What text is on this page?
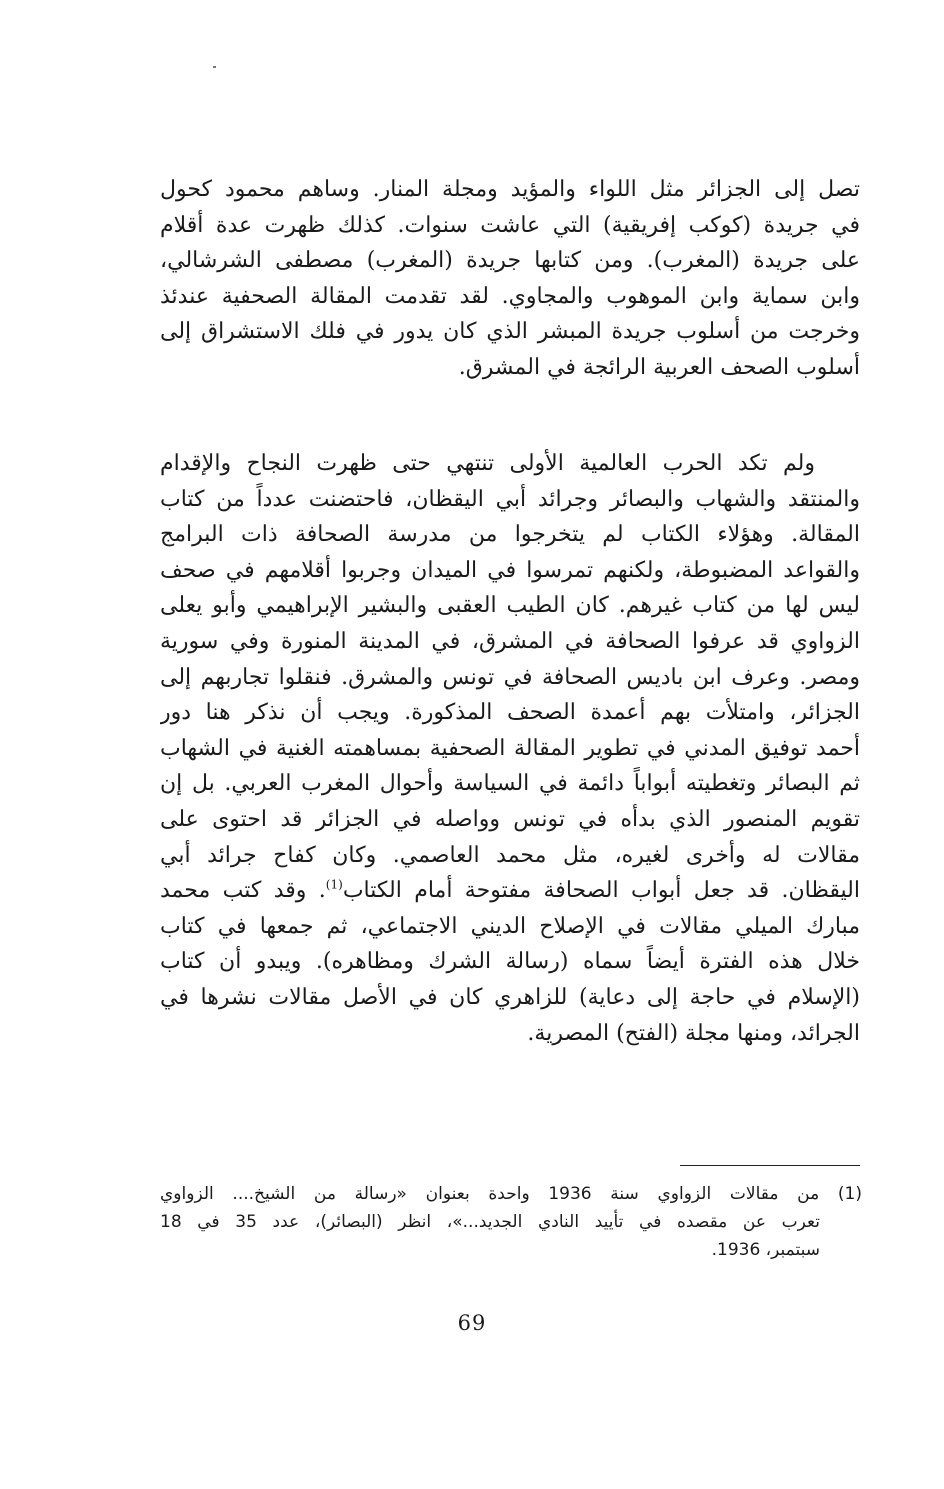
تصل إلى الجزائر مثل اللواء والمؤيد ومجلة المنار. وساهم محمود كحول
في جريدة (كوكب إفريقية) التي عاشت سنوات. كذلك ظهرت عدة أقلام
على جريدة (المغرب). ومن كتابها جريدة (المغرب) مصطفى الشرشالي،
وابن سماية وابن الموهوب والمجاوي. لقد تقدمت المقالة الصحفية عندئذ
وخرجت من أسلوب جريدة المبشر الذي كان يدور في فلك الاستشراق إلى
أسلوب الصحف العربية الرائجة في المشرق.

ولم تكد الحرب العالمية الأولى تنتهي حتى ظهرت النجاح والإقدام
والمنتقد والشهاب والبصائر وجرائد أبي اليقظان، فاحتضنت عدداً من كتاب
المقالة. وهؤلاء الكتاب لم يتخرجوا من مدرسة الصحافة ذات البرامج
والقواعد المضبوطة، ولكنهم تمرسوا في الميدان وجربوا أقلامهم في صحف
ليس لها من كتاب غيرهم. كان الطيب العقبى والبشير الإبراهيمي وأبو يعلى
الزواوي قد عرفوا الصحافة في المشرق، في المدينة المنورة وفي سورية
ومصر. وعرف ابن باديس الصحافة في تونس والمشرق. فنقلوا تجاربهم إلى
الجزائر، وامتلأت بهم أعمدة الصحف المذكورة. ويجب أن نذكر هنا دور
أحمد توفيق المدني في تطوير المقالة الصحفية بمساهمته الغنية في الشهاب
ثم البصائر وتغطيته أبواباً دائمة في السياسة وأحوال المغرب العربي. بل إن
تقويم المنصور الذي بدأه في تونس وواصله في الجزائر قد احتوى على
مقالات له وأخرى لغيره، مثل محمد العاصمي. وكان كفاح جرائد أبي
اليقظان. قد جعل أبواب الصحافة مفتوحة أمام الكتاب$^{(1)}$. وقد كتب محمد
مبارك الميلي مقالات في الإصلاح الديني الاجتماعي، ثم جمعها في كتاب
خلال هذه الفترة أيضاً سماه (رسالة الشرك ومظاهره). ويبدو أن كتاب
(الإسلام في حاجة إلى دعاية) للزاهري كان في الأصل مقالات نشرها في
الجرائد، ومنها مجلة (الفتح) المصرية.

(1) من مقالات الزواوي سنة 1936 واحدة بعنوان «رسالة من الشيخ.... الزواوي
تعرب عن مقصده في تأييد النادي الجديد...»، انظر (البصائر)، عدد 35 في 18
سبتمبر، 1936.
69
